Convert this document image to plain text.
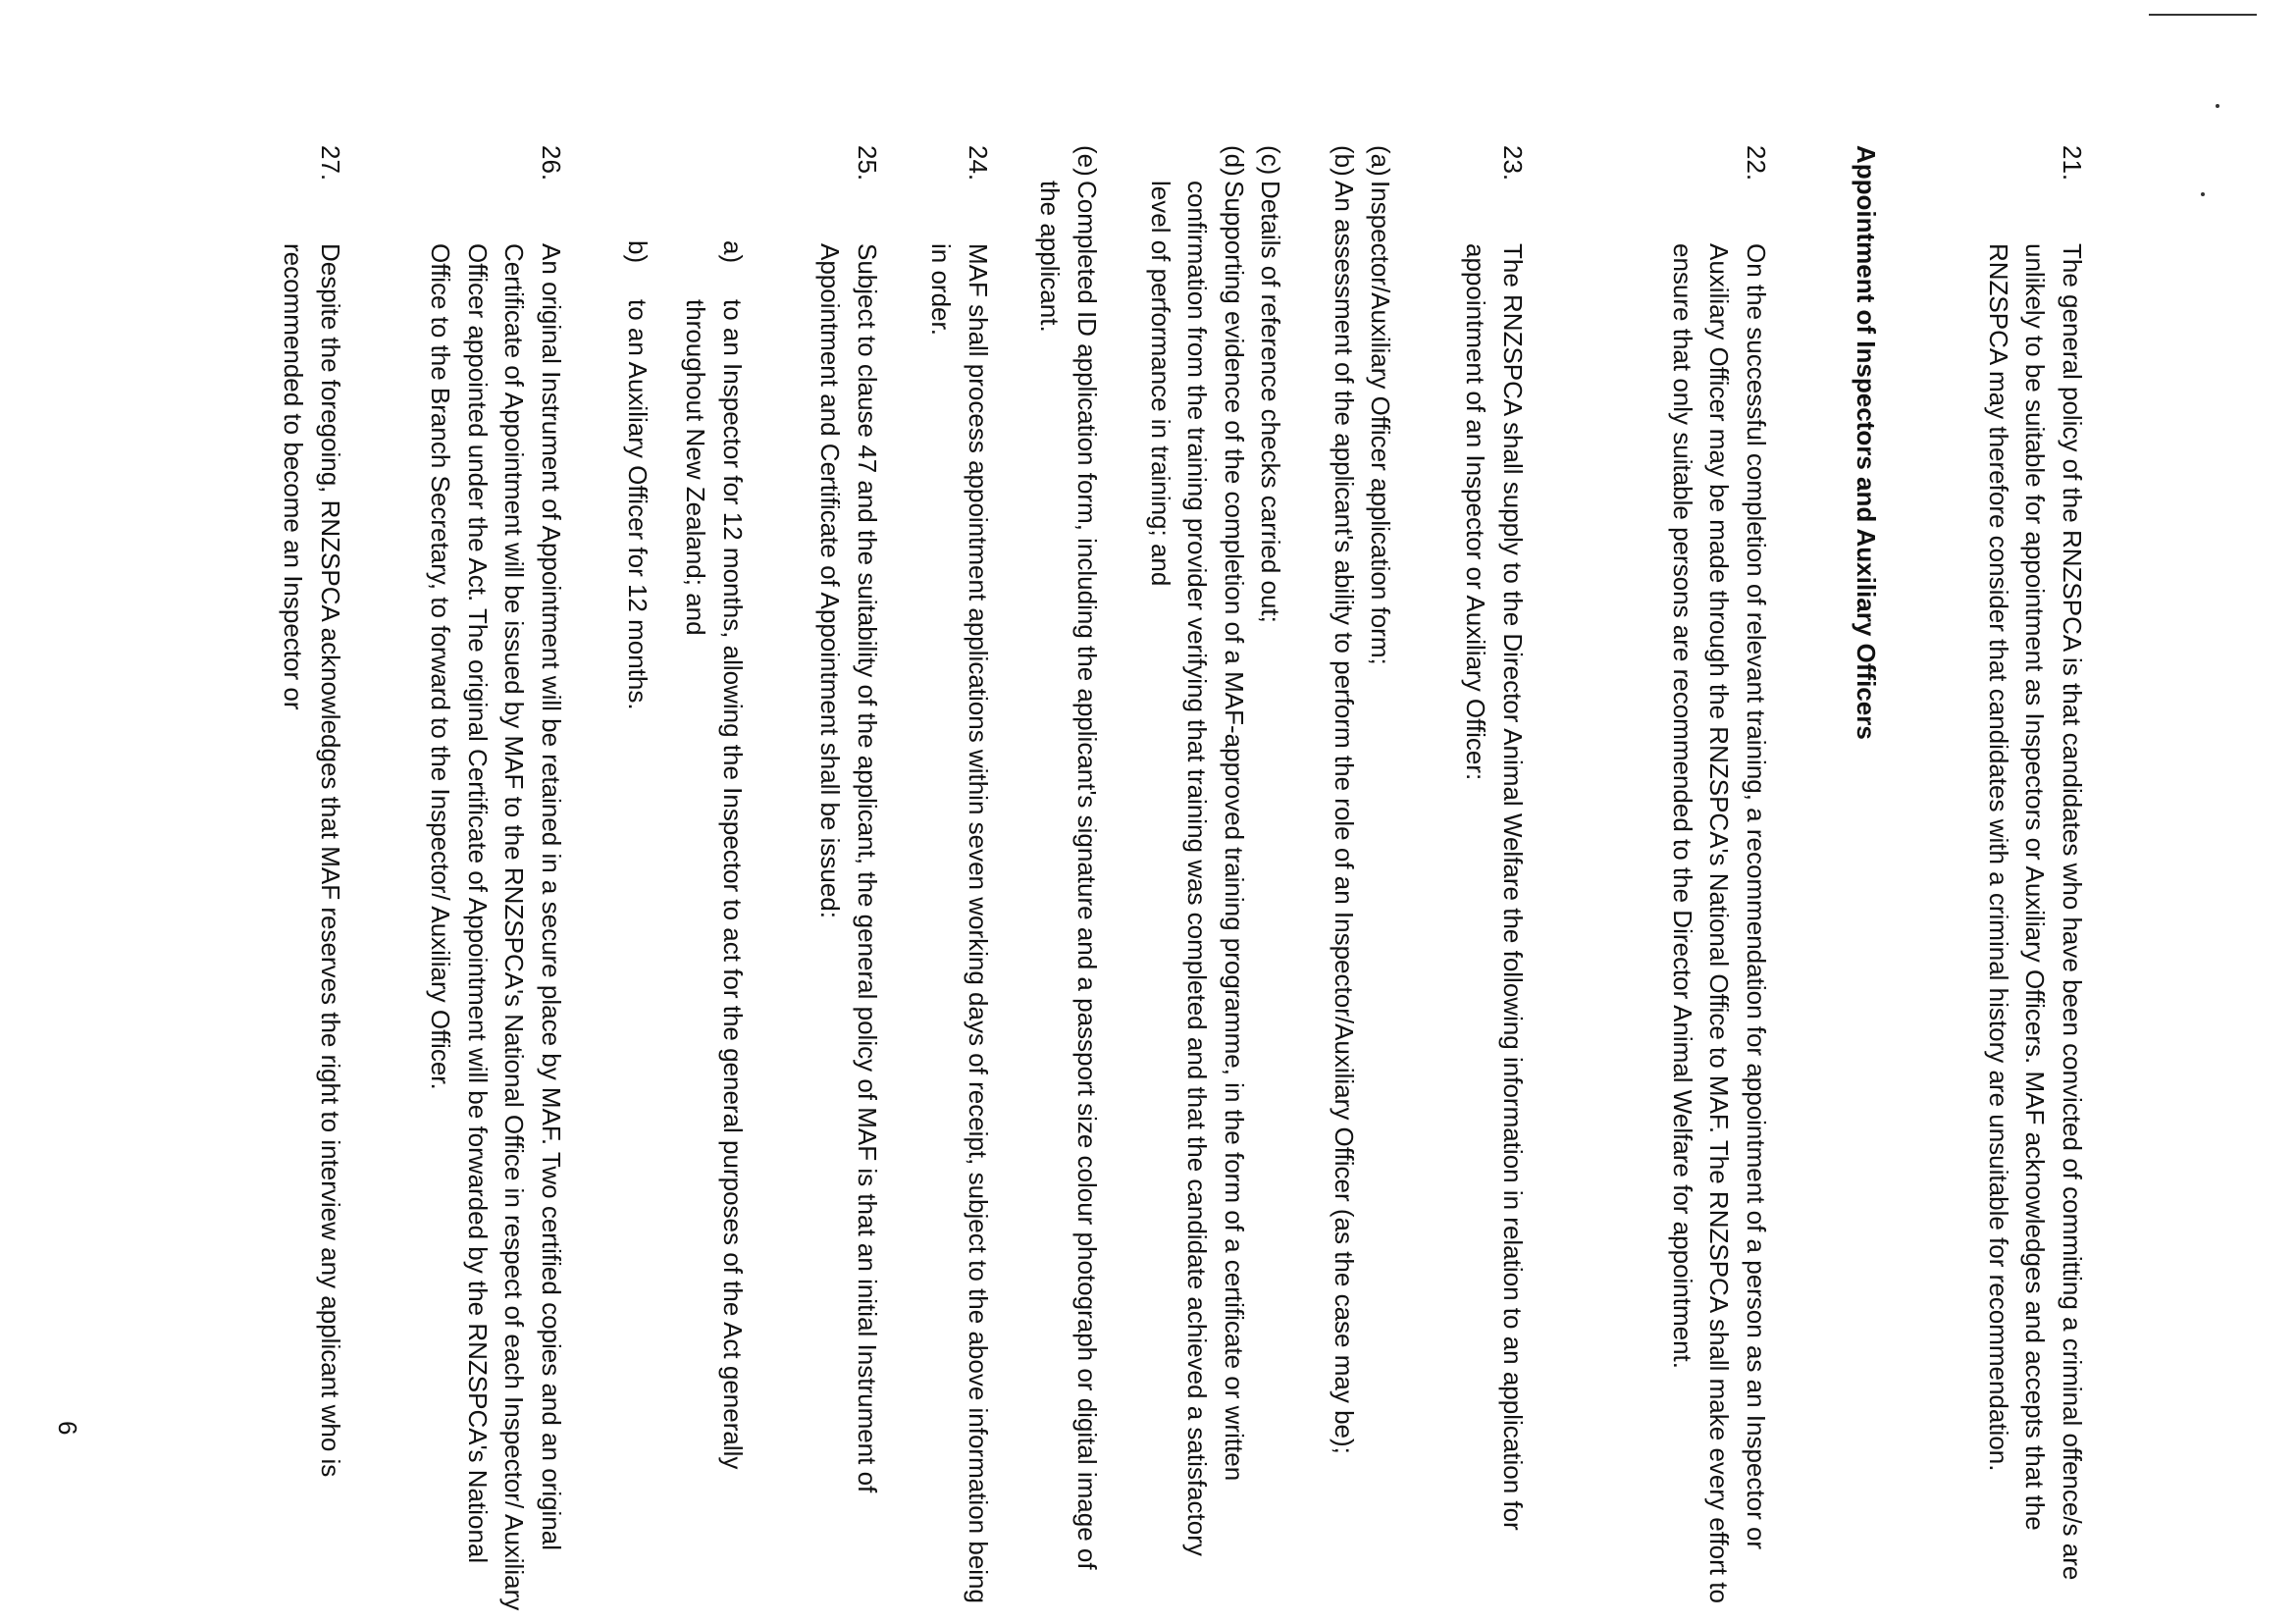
21.
The general policy of the RNZSPCA is that candidates who have been convicted of committing a criminal offence/s are unlikely to be suitable for appointment as Inspectors or Auxiliary Officers. MAF acknowledges and accepts that the RNZSPCA may therefore consider that candidates with a criminal history are unsuitable for recommendation.
Appointment of Inspectors and Auxiliary Officers
22.
On the successful completion of relevant training, a recommendation for appointment of a person as an Inspector or Auxiliary Officer may be made through the RNZSPCA's National Office to MAF. The RNZSPCA shall make every effort to ensure that only suitable persons are recommended to the Director Animal Welfare for appointment.
23.
The RNZSPCA shall supply to the Director Animal Welfare the following information in relation to an application for appointment of an Inspector or Auxiliary Officer:
(a)
Inspector/Auxiliary Officer application form;
(b)
An assessment of the applicant's ability to perform the role of an Inspector/Auxiliary Officer (as the case may be);
(c)
Details of reference checks carried out;
(d)
Supporting evidence of the completion of a MAF-approved training programme, in the form of a certificate or written confirmation from the training provider verifying that training was completed and that the candidate achieved a satisfactory level of performance in training; and
(e)
Completed ID application form, including the applicant's signature and a passport size colour photograph or digital image of the applicant.
24.
MAF shall process appointment applications within seven working days of receipt, subject to the above information being in order.
25.
Subject to clause 47 and the suitability of the applicant, the general policy of MAF is that an initial Instrument of Appointment and Certificate of Appointment shall be issued:
a)
to an Inspector for 12 months, allowing the Inspector to act for the general purposes of the Act generally throughout New Zealand; and
b)
to an Auxiliary Officer for 12 months.
26.
An original Instrument of Appointment will be retained in a secure place by MAF. Two certified copies and an original Certificate of Appointment will be issued by MAF to the RNZSPCA's National Office in respect of each Inspector/ Auxiliary Officer appointed under the Act. The original Certificate of Appointment will be forwarded by the RNZSPCA's National Office to the Branch Secretary, to forward to the Inspector/ Auxiliary Officer.
27.
Despite the foregoing, RNZSPCA acknowledges that MAF reserves the right to interview any applicant who is recommended to become an Inspector or
6
